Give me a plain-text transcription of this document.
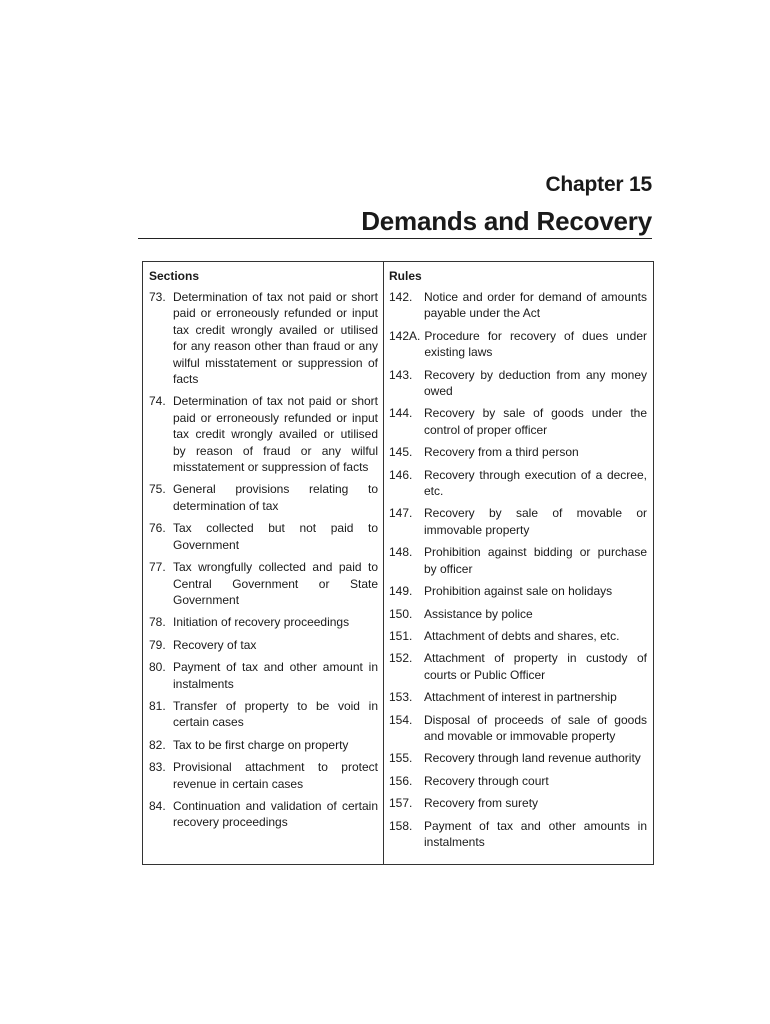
Chapter 15
Demands and Recovery
Sections
73. Determination of tax not paid or short paid or erroneously refunded or input tax credit wrongly availed or utilised for any reason other than fraud or any wilful misstatement or suppression of facts
74. Determination of tax not paid or short paid or erroneously refunded or input tax credit wrongly availed or utilised by reason of fraud or any wilful misstatement or suppression of facts
75. General provisions relating to determination of tax
76. Tax collected but not paid to Government
77. Tax wrongfully collected and paid to Central Government or State Government
78. Initiation of recovery proceedings
79. Recovery of tax
80. Payment of tax and other amount in instalments
81. Transfer of property to be void in certain cases
82. Tax to be first charge on property
83. Provisional attachment to protect revenue in certain cases
84. Continuation and validation of certain recovery proceedings
Rules
142. Notice and order for demand of amounts payable under the Act
142A. Procedure for recovery of dues under existing laws
143. Recovery by deduction from any money owed
144. Recovery by sale of goods under the control of proper officer
145. Recovery from a third person
146. Recovery through execution of a decree, etc.
147. Recovery by sale of movable or immovable property
148. Prohibition against bidding or purchase by officer
149. Prohibition against sale on holidays
150. Assistance by police
151. Attachment of debts and shares, etc.
152. Attachment of property in custody of courts or Public Officer
153. Attachment of interest in partnership
154. Disposal of proceeds of sale of goods and movable or immovable property
155. Recovery through land revenue authority
156. Recovery through court
157. Recovery from surety
158. Payment of tax and other amounts in instalments
